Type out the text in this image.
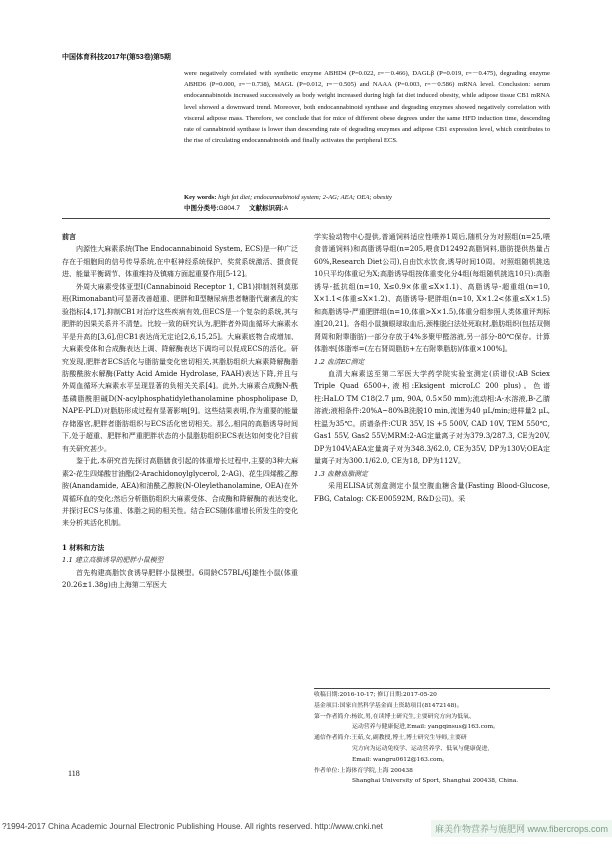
中国体育科技2017年(第53卷)第5期
were negatively correlated with synthetic enzyme ABHD4 (P=0.022, r=－0.466), DAGLβ (P=0.019, r=－0.475), degrading enzyme ABHD6 (P=0.000, r=－0.738), MAGL (P=0.012, r=－0.505) and NAAA (P=0.003, r=－0.586) mRNA level. Conclusion: serum endocannabinoids increased successively as body weight increased during high fat diet induced obesity, while adipose tissue CB1 mRNA level showed a downward trend. Moreover, both endocannabinoid synthase and degrading enzymes showed negatively correlation with visceral adipose mass. Therefore, we conclude that for mice of different obese degrees under the same HFD induction time, descending rate of cannabinoid synthase is lower than descending rate of degrading enzymes and adipose CB1 expression level, which contributes to the rise of circulating endocannabinoids and finally activates the peripheral ECS.
Key words: high fat diet; endocannabinoid system; 2-AG; AEA; OEA; obesity
中图分类号:G804.7 文献标识码:A
前言

内源性大麻素系统(The Endocannabinoid System, ECS)是一种广泛存在于细胞间的信号传导系统,在中枢神经系统保护、奖赏系统激活、摄食促进、能量平衡调节、体重维持及镇痛方面起重要作用[5-12]。

外周大麻素受体亚型Ⅰ(Cannabinoid Receptor 1, CB1)抑制剂利莫那班(Rimonabant)可显著改善超重、肥胖和Ⅱ型糖尿病患者糖脂代谢紊乱的实验指标[4,17],抑制CB1对治疗这些疾病有效,但ECS是一个复杂的系统,其与肥胖的因果关系并不清楚。比较一致的研究认为,肥胖者外周血循环大麻素水平是升高的[3,6],但CB1表达尚无定论[2,6,15,25]。大麻素底物合成增加、大麻素受体和合成酶表达上调、降解酶表达下调均可以促成ECS的活化。研究发现,肥胖者ECS活化与脂肪量变化密切相关,其脂肪组织大麻素降解酶脂肪酸酰胺水解酶(Fatty Acid Amide Hydrolase, FAAH)表达下降,并且与外周血循环大麻素水平呈现显著的负相关关系[4]。此外,大麻素合成酶N-酰基磷脂酰胆碱D(N-acylphosphatidylethanolamine phospholipase D, NAPE-PLD)对脂肪形成过程有显著影响[9]。这些结果表明,作为重要的能量存储器官,肥胖者脂肪组织与ECS活化密切相关。那么,相同的高脂诱导时间下,处于超重、肥胖和严重肥胖状态的小鼠脂肪组织ECS表达如何变化?目前有关研究甚少。

鉴于此,本研究首先探讨高脂膳食引起的体重增长过程中,主要的3种大麻素2-花生四烯酸甘油酯(2-Arachidonoylglycerol, 2-AG)、花生四烯酸乙醇胺(Anandamide, AEA)和油酰乙醇胺(N-Oleylethanolamine, OEA)在外周循环血的变化;然后分析脂肪组织大麻素受体、合成酶和降解酶的表达变化,并探讨ECS与体重、体脂之间的相关性。结合ECS随体重增长所发生的变化来分析其活化机制。

1 材料和方法
1.1 建立高脂诱导的肥胖小鼠模型

首先构建高脂饮食诱导肥胖小鼠模型。6周龄C57BL/6J雄性小鼠(体重20.26±1.38g)由上海第二军医大

学实验动物中心提供,普通饲料适应性喂养1周后,随机分为对照组(n=25,喂食普通饲料)和高脂诱导组(n=205,喂食D12492高脂饲料,脂肪提供热量占60%,Research Diet公司),自由饮水饮食,诱导时间10周。对照组随机挑选10只平均体重记为X;高脂诱导组按体重变化分4组(每组随机挑选10只):高脂诱导-抵抗组(n=10, X≤0.9×体重≤X×1.1)、高脂诱导-超重组(n=10, X×1.1<体重≤X×1.2)、高脂诱导-肥胖组(n=10, X×1.2<体重≤X×1.5)和高脂诱导-严重肥胖组(n=10,体重>X×1.5),体重分组参照人类体重评判标准[20,21]。各组小鼠摘眼球取血后,颈椎脱臼法处死取材,脂肪组织(包括双侧肾周和附睾脂肪)一部分存放于4%多聚甲醛溶液,另一部分-80℃保存。计算体脂率[体脂率=(左右肾周脂肪+左右附睾脂肪)/体重×100%]。

1.2 血清EC测定

血清大麻素送至第二军医大学药学院实验室测定(质谱仪:AB Sciex Triple Quad 6500+,液相:Eksigent microLC 200 plus)。色谱柱:HaLO TM C18(2.7 μm, 90A, 0.5×50 mm);流动相:A-水溶液,B-乙腈溶液;液相条件:20%A~80%B洗脱10 min,流速为40 μL/min;进样量2 μL,柱温为35℃。质谱条件:CUR 35V, IS +5 500V, CAD 10V, TEM 550℃, Gas1 55V, Gas2 55V;MRM:2-AG定量离子对为379.3/287.3, CE为20V, DP为104V;AEA定量离子对为348.3/62.0, CE为35V, DP为130V;OEA定量离子对为300.1/62.0, CE为18, DP为112V。

1.3 血糖血脂测定

采用ELISA试剂盒测定小鼠空腹血糖含量(Fasting Blood-Glucose, FBG, Catalog: CK-E00592M, R&D公司)。采

收稿日期:2016-10-17; 修订日期:2017-05-20
基金项目:国家自然科学基金面上资助项目(81472148)。
第一作者简介:杨钦,男,在读博士研究生,主要研究方向为低氧、
运动营养与健康促进,Email: yangqinsus@163.com。
通信作者简介:王茹,女,副教授,博士,博士研究生导师,主要研
究方向为运动免疫学、运动营养学、低氧与健康促进,
Email: wangru0612@163.com。
作者单位:上海体育学院,上海 200438
Shanghai University of Sport, Shanghai 200438, China.
118
?1994-2017 China Academic Journal Electronic Publishing House. All rights reserved. http://www.cnki.net	麻美作物营养与施肥网 www.fibercrops.com
